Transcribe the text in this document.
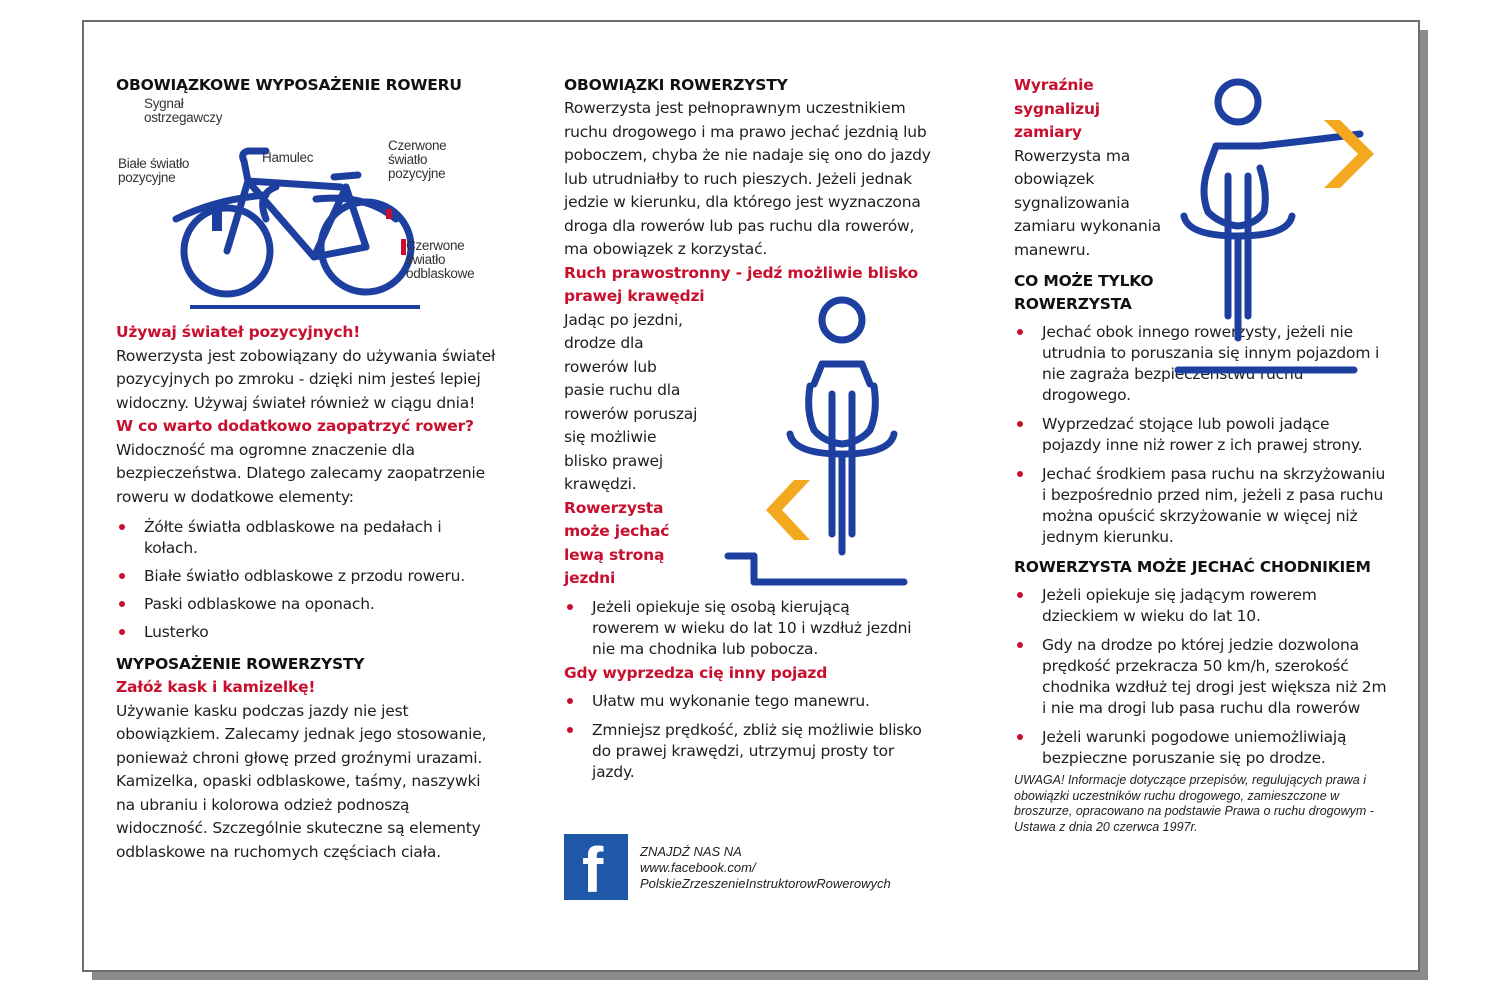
OBOWIĄZKOWE WYPOSAŻENIE ROWERU
Sygnał
ostrzegawczy
Hamulec
Białe światło
pozycyjne
Czerwone
światło
pozycyjne
Czerwone
światło
odblaskowe
Używaj świateł pozycyjnych!

Rowerzysta jest zobowiązany do używania świateł pozycyjnych po zmroku - dzięki nim jesteś lepiej widoczny. Używaj świateł również w ciągu dnia!

W co warto dodatkowo zaopatrzyć rower?

Widoczność ma ogromne znaczenie dla bezpieczeństwa. Dlatego zalecamy zaopatrzenie roweru w dodatkowe elementy:

Żółte światła odblaskowe na pedałach i kołach.
Białe światło odblaskowe z przodu roweru.
Paski odblaskowe na oponach.
Lusterko
WYPOSAŻENIE ROWERZYSTY
Załóż kask i kamizelkę!

Używanie kasku podczas jazdy nie jest obowiązkiem. Zalecamy jednak jego stosowanie, ponieważ chroni głowę przed groźnymi urazami. Kamizelka, opaski odblaskowe, taśmy, naszywki na ubraniu i kolorowa odzież podnoszą widoczność. Szczególnie skuteczne są elementy odblaskowe na ruchomych częściach ciała.

OBOWIĄZKI ROWERZYSTY

Rowerzysta jest pełnoprawnym uczestnikiem ruchu drogowego i ma prawo jechać jezdnią lub poboczem, chyba że nie nadaje się ono do jazdy lub utrudniałby to ruch pieszych. Jeżeli jednak jedzie w kierunku, dla którego jest wyznaczona droga dla rowerów lub pas ruchu dla rowerów, ma obowiązek z korzystać.

Ruch prawostronny - jedź możliwie blisko prawej krawędzi

Jadąc po jezdni, drodze dla rowerów lub pasie ruchu dla rowerów poruszaj się możliwie blisko prawej krawędzi.

Rowerzysta może jechać lewą stroną jezdni
Jeżeli opiekuje się osobą kierującą rowerem w wieku do lat 10 i wzdłuż jezdni nie ma chodnika lub pobocza.
Gdy wyprzedza cię inny pojazd
Ułatw mu wykonanie tego manewru.
Zmniejsz prędkość, zbliż się możliwie blisko do prawej krawędzi, utrzymuj prosty tor jazdy.
f	ZNAJDŹ NAS NA
www.facebook.com/
PolskieZrzeszenieInstruktorowRowerowych
Wyraźnie sygnalizuj zamiary

Rowerzysta ma obowiązek sygnalizowania zamiaru wykonania manewru.

CO MOŻE TYLKO ROWERZYSTA
Jechać obok innego rowerzysty, jeżeli nie utrudnia to poruszania się innym pojazdom i nie zagraża bezpieczeństwu ruchu drogowego.
Wyprzedzać stojące lub powoli jadące pojazdy inne niż rower z ich prawej strony.
Jechać środkiem pasa ruchu na skrzyżowaniu i bezpośrednio przed nim, jeżeli z pasa ruchu można opuścić skrzyżowanie w więcej niż jednym kierunku.
ROWERZYSTA MOŻE JECHAĆ CHODNIKIEM
Jeżeli opiekuje się jadącym rowerem dzieckiem w wieku do lat 10.
Gdy na drodze po której jedzie dozwolona prędkość przekracza 50 km/h, szerokość chodnika wzdłuż tej drogi jest większa niż 2m i nie ma drogi lub pasa ruchu dla rowerów
Jeżeli warunki pogodowe uniemożliwiają bezpieczne poruszanie się po drodze.
UWAGA! Informacje dotyczące przepisów, regulujących prawa i obowiązki uczestników ruchu drogowego, zamieszczone w broszurze, opracowano na podstawie Prawa o ruchu drogowym - Ustawa z dnia 20 czerwca 1997r.
